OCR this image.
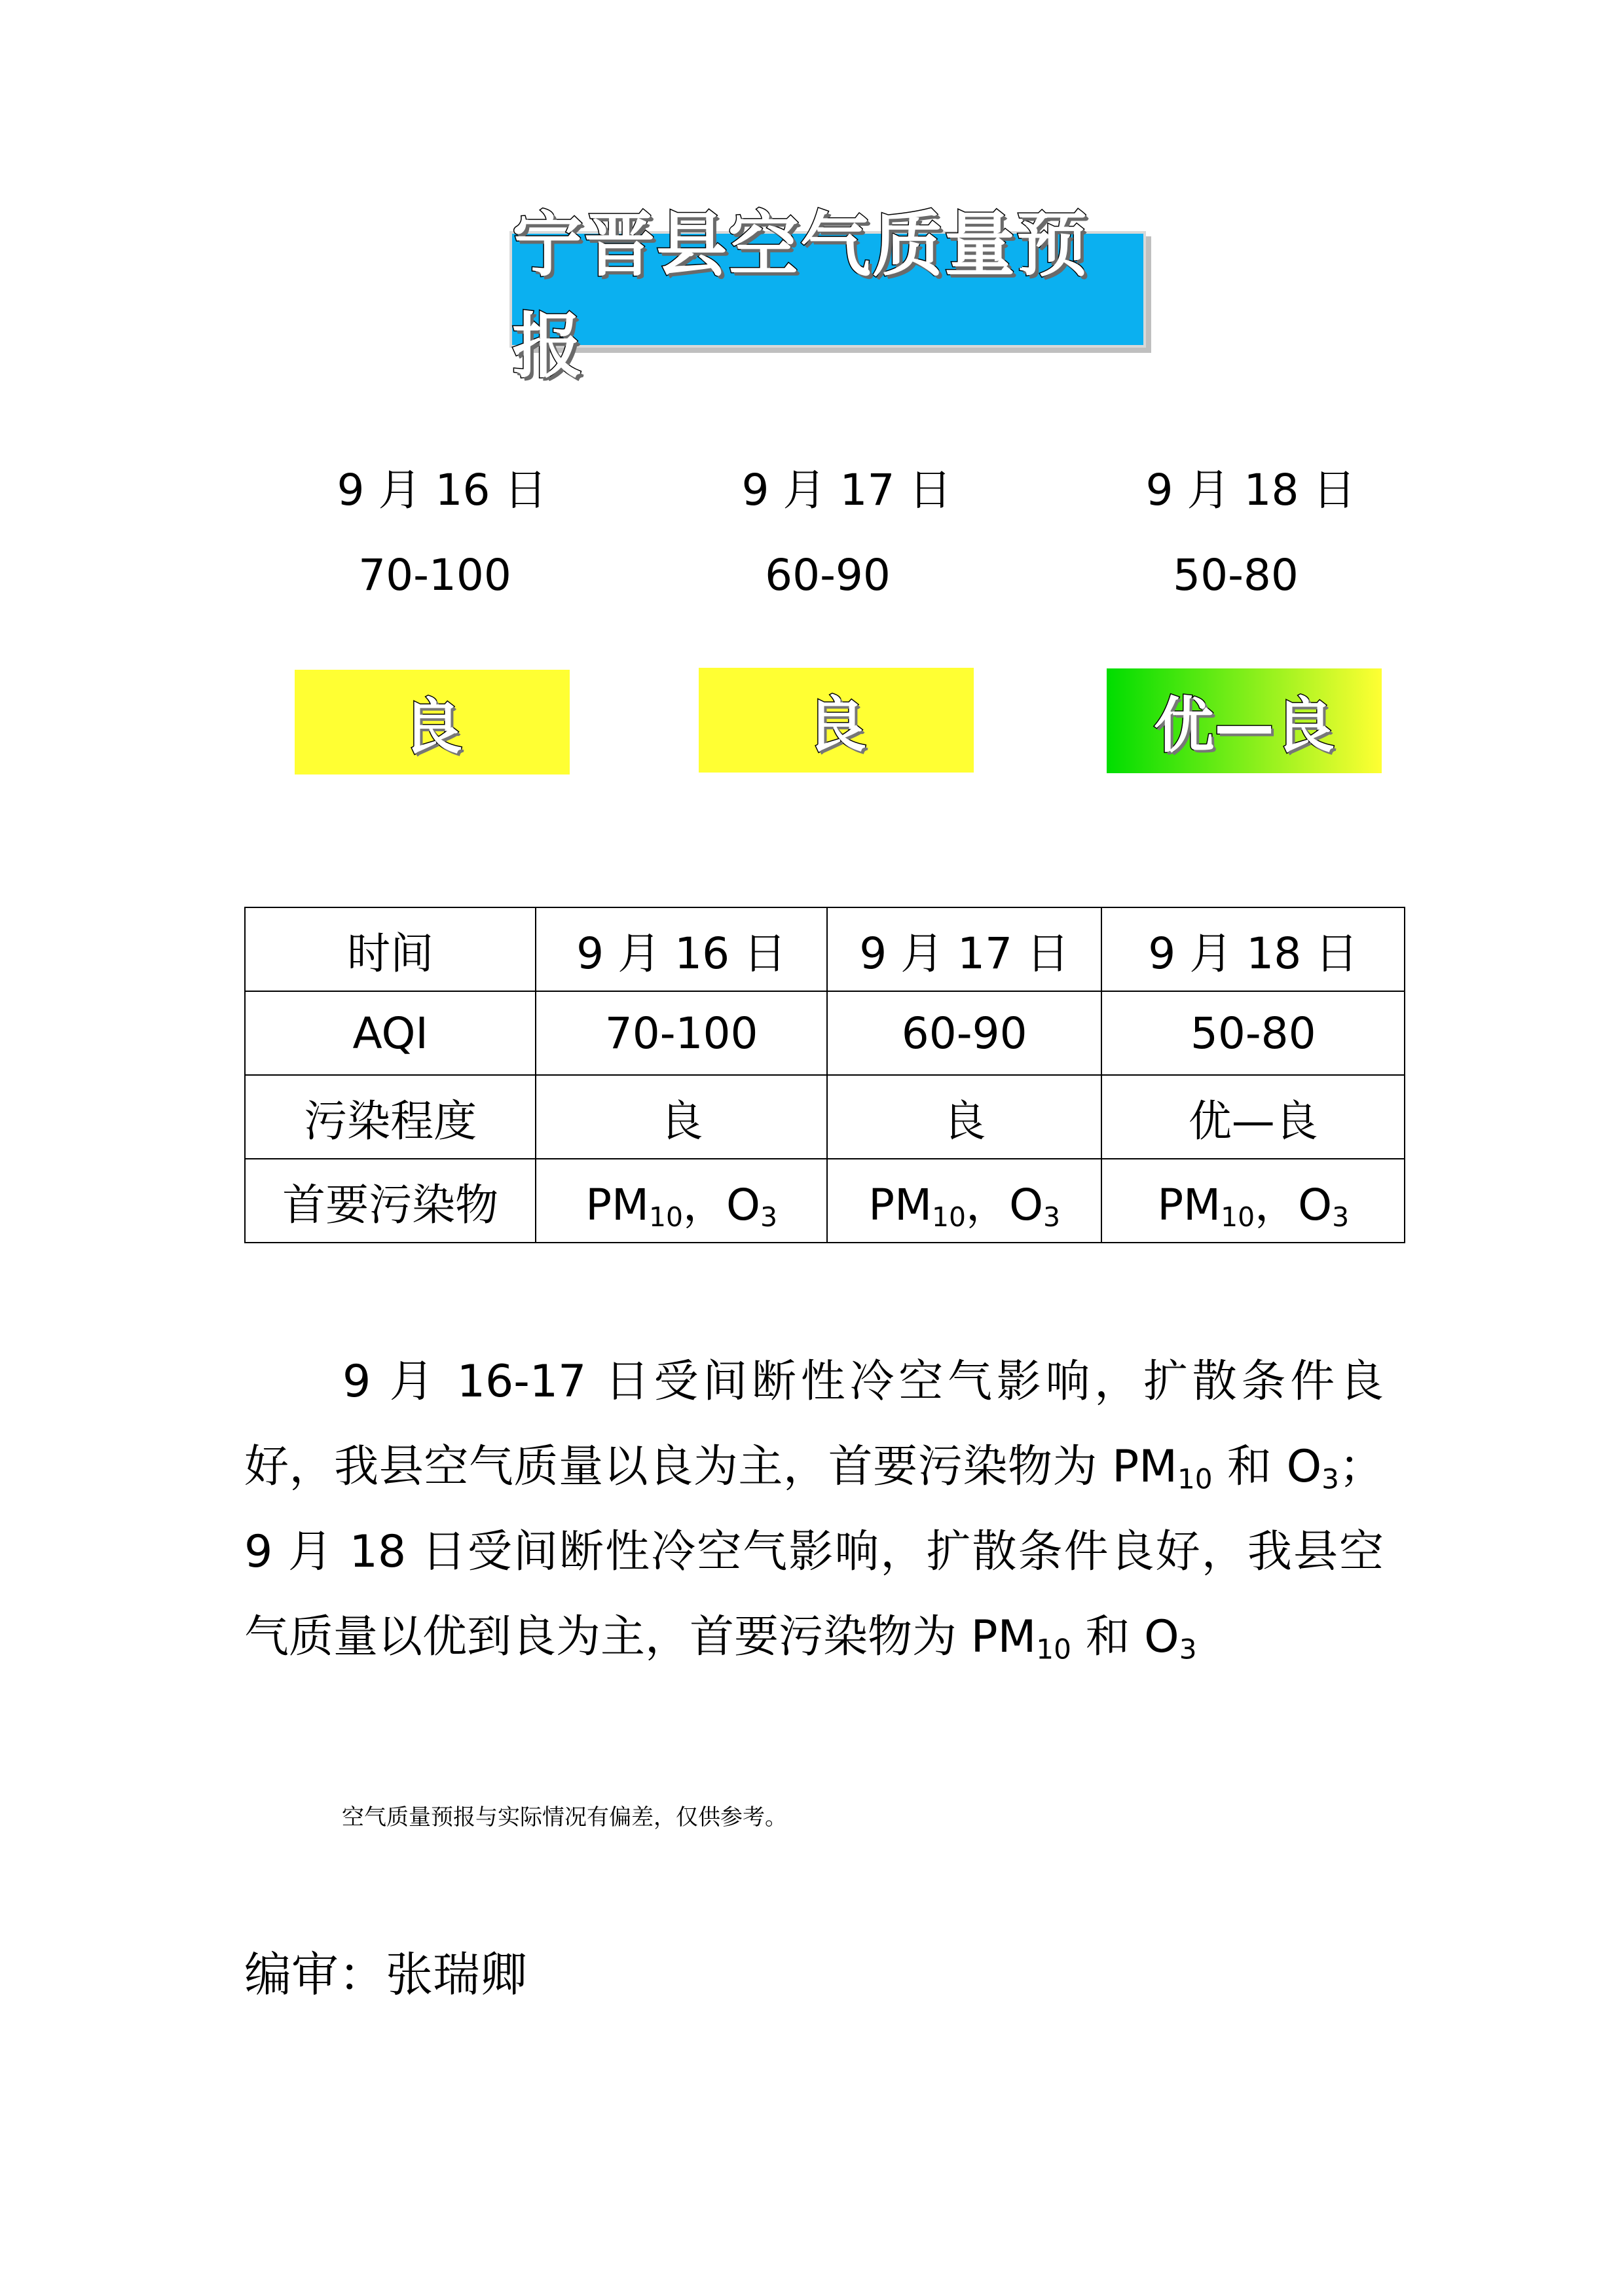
宁晋县空气质量预报
9 月 16 日	9 月 17 日	9 月 18 日
70-100	60-90	50-80
良	良	优—良
时间	9 月 16 日	9 月 17 日	9 月 18 日
AQI	70-100	60-90	50-80
污染程度	良	良	优—良
首要污染物	$PM_{10}$，$O_3$	$PM_{10}$，$O_3$	$PM_{10}$，$O_3$
9 月 16-17 日受间断性冷空气影响，扩散条件良好，我县空气质量以良为主，首要污染物为 $PM_{10}$ 和 $O_3$；9 月 18 日受间断性冷空气影响，扩散条件良好，我县空气质量以优到良为主，首要污染物为 $PM_{10}$ 和 $O_3$
空气质量预报与实际情况有偏差，仅供参考。
编审：张瑞卿
